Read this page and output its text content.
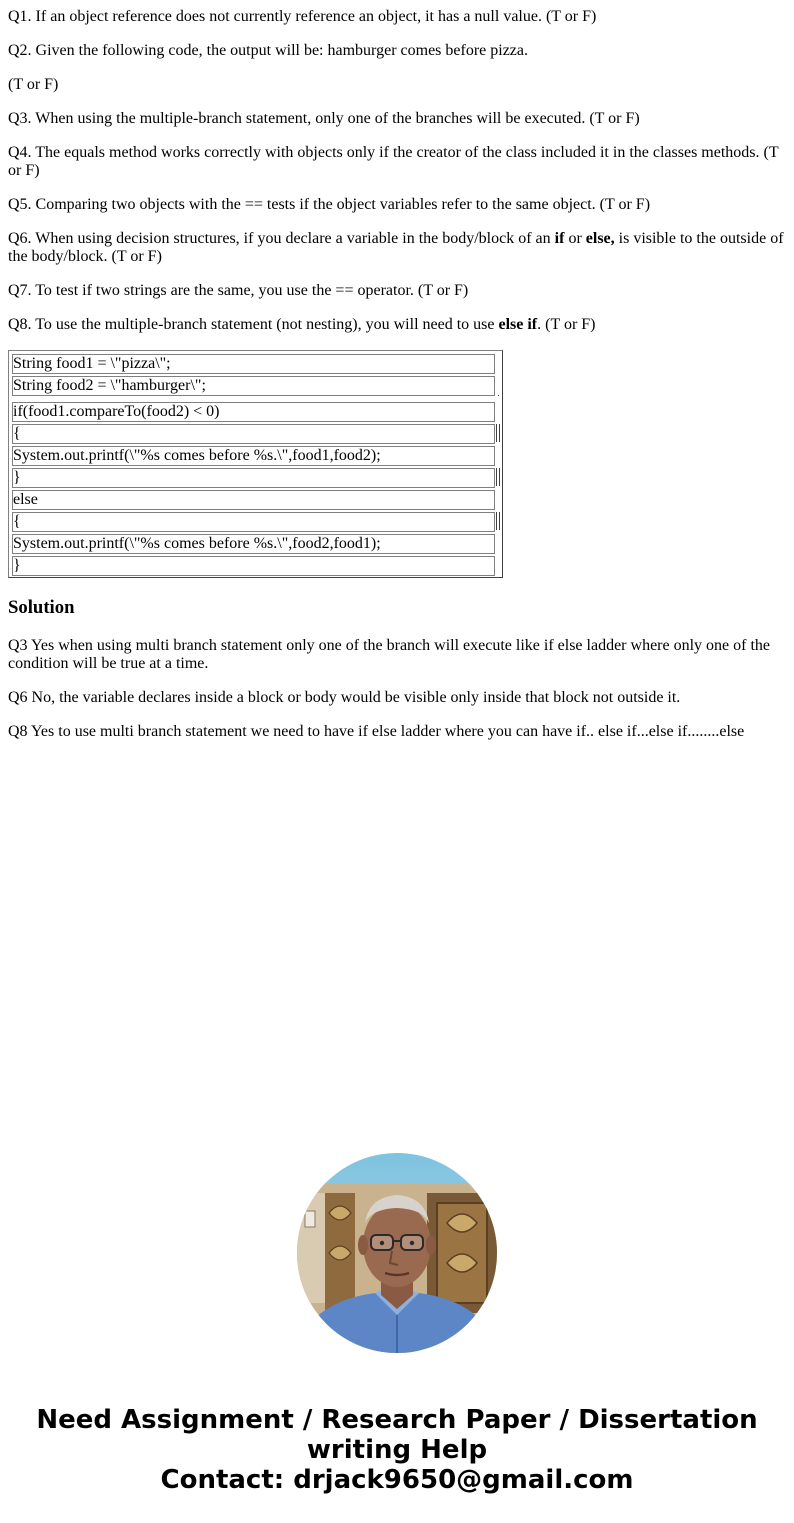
Q1. If an object reference does not currently reference an object, it has a null value. (T or F)

Q2. Given the following code, the output will be: hamburger comes before pizza.

(T or F)

Q3. When using the multiple-branch statement, only one of the branches will be executed. (T or F)

Q4. The equals method works correctly with objects only if the creator of the class included it in the classes methods. (T or F)

Q5. Comparing two objects with the == tests if the object variables refer to the same object. (T or F)

Q6. When using decision structures, if you declare a variable in the body/block of an if or else, is visible to the outside of the body/block. (T or F)

Q7. To test if two strings are the same, you use the == operator. (T or F)

Q8. To use the multiple-branch statement (not nesting), you will need to use else if. (T or F)

String food1 = \"pizza\";
String food2 = \"hamburger\";
if(food1.compareTo(food2) < 0)
{
System.out.printf(\"%s comes before %s.\",food1,food2);
}
else
{
System.out.printf(\"%s comes before %s.\",food2,food1);
}
Solution

Q3 Yes when using multi branch statement only one of the branch will execute like if else ladder where only one of the condition will be true at a time.

Q6 No, the variable declares inside a block or body would be visible only inside that block not outside it.

Q8 Yes to use multi branch statement we need to have if else ladder where you can have if.. else if...else if........else

Need Assignment / Research Paper / Dissertation
writing Help
Contact: drjack9650@gmail.com
